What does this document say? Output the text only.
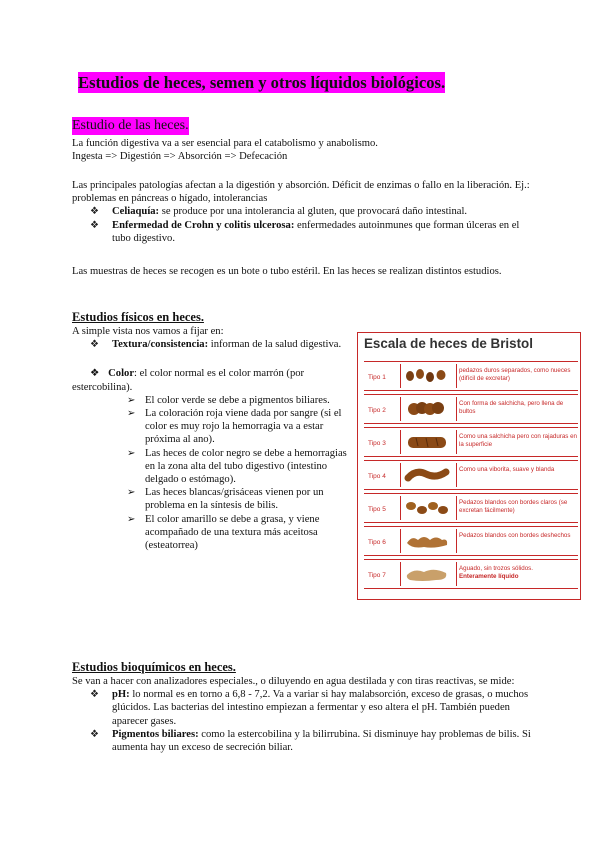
Estudios de heces, semen y otros líquidos biológicos.
Estudio de las heces.

La función digestiva va a ser esencial para el catabolismo y anabolismo.

Ingesta => Digestión => Absorción => Defecación

Las principales patologías afectan a la digestión y absorción. Déficit de enzimas o fallo en la liberación. Ej.: problemas en páncreas o hígado, intolerancias

❖ Celiaquía: se produce por una intolerancia al gluten, que provocará daño intestinal.
❖ Enfermedad de Crohn y colitis ulcerosa: enfermedades autoinmunes que forman úlceras en el tubo digestivo.

Las muestras de heces se recogen es un bote o tubo estéril. En las heces se realizan distintos estudios.

Estudios físicos en heces.

A simple vista nos vamos a fijar en:

❖ Textura/consistencia: informan de la salud digestiva.
❖ Color: el color normal es el color marrón (por estercobilina).
➢ El color verde se debe a pigmentos biliares.
➢ La coloración roja viene dada por sangre (si el color es muy rojo la hemorragia va a estar próxima al ano).
➢ Las heces de color negro se debe a hemorragias en la zona alta del tubo digestivo (intestino delgado o estómago).
➢ Las heces blancas/grisáceas vienen por un problema en la síntesis de bilis.
➢ El color amarillo se debe a grasa, y viene acompañado de una textura más aceitosa (esteatorrea)
Escala de heces de Bristol
Tipo 1
pedazos duros separados, como nueces (difícil de excretar)
Tipo 2
Con forma de salchicha, pero llena de bultos
Tipo 3
Como una salchicha pero con rajaduras en la superficie
Tipo 4
Como una viborita, suave y blanda
Tipo 5
Pedazos blandos con bordes claros (se excretan fácilmente)
Tipo 6
Pedazos blandos con bordes deshechos
Tipo 7
Aguado, sin trozos sólidos.
Enteramente líquido
Estudios bioquímicos en heces.

Se van a hacer con analizadores especiales., o diluyendo en agua destilada y con tiras reactivas, se mide:

❖ pH: lo normal es en torno a 6,8 - 7,2. Va a variar si hay malabsorción, exceso de grasas, o muchos glúcidos. Las bacterias del intestino empiezan a fermentar y eso altera el pH. También pueden aparecer gases.
❖ Pigmentos biliares: como la estercobilina y la bilirrubina. Si disminuye hay problemas de bilis. Si aumenta hay un exceso de secreción biliar.
